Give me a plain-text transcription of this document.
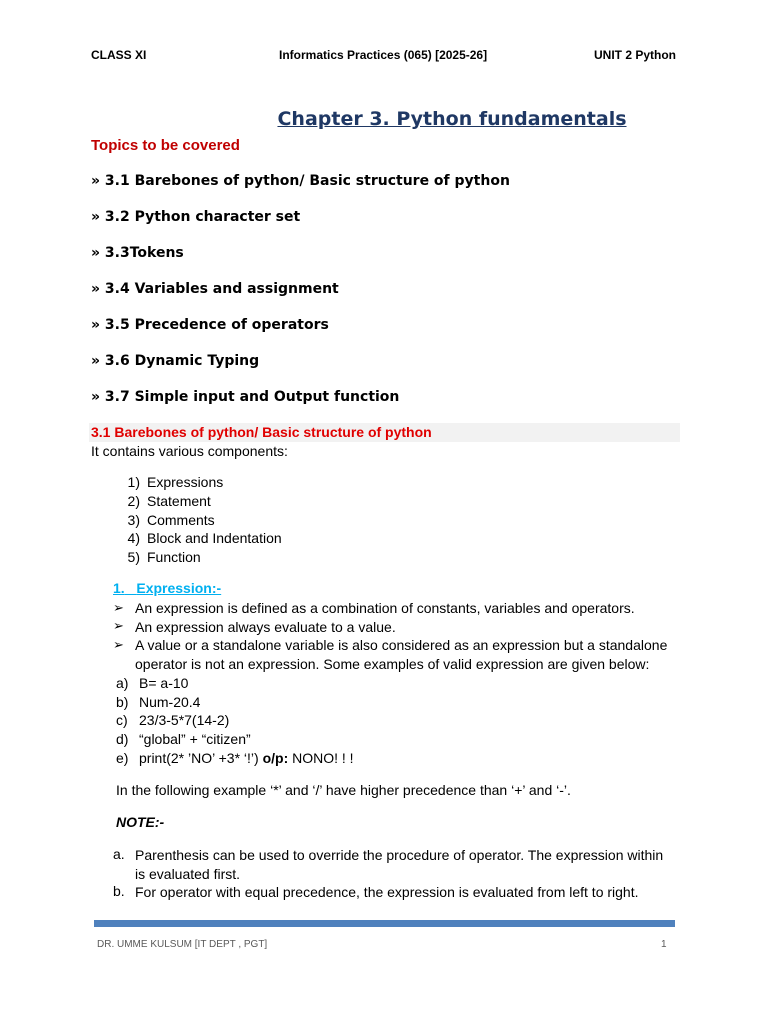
CLASS XI	Informatics Practices (065) [2025-26]	UNIT 2 Python
Chapter 3. Python fundamentals
Topics to be covered
» 3.1 Barebones of python/ Basic structure of python
» 3.2 Python character set
» 3.3Tokens
» 3.4 Variables and assignment
» 3.5 Precedence of operators
» 3.6 Dynamic Typing
» 3.7 Simple input and Output function
3.1 Barebones of python/ Basic structure of python
It contains various components:
1) Expressions
2) Statement
3) Comments
4) Block and Indentation
5) Function
1. Expression:-
➢ An expression is defined as a combination of constants, variables and operators.
➢ An expression always evaluate to a value.
➢ A value or a standalone variable is also considered as an expression but a standalone operator is not an expression. Some examples of valid expression are given below:
a) B= a-10
b) Num-20.4
c) 23/3-5*7(14-2)
d) “global” + “citizen”
e) print(2* ’NO’ +3* ‘!’) o/p: NONO! ! !
In the following example ‘*’ and ‘/’ have higher precedence than ‘+’ and ‘-’.
NOTE:-
a. Parenthesis can be used to override the procedure of operator. The expression within is evaluated first.
b. For operator with equal precedence, the expression is evaluated from left to right.
DR. UMME KULSUM [IT DEPT , PGT]	1
